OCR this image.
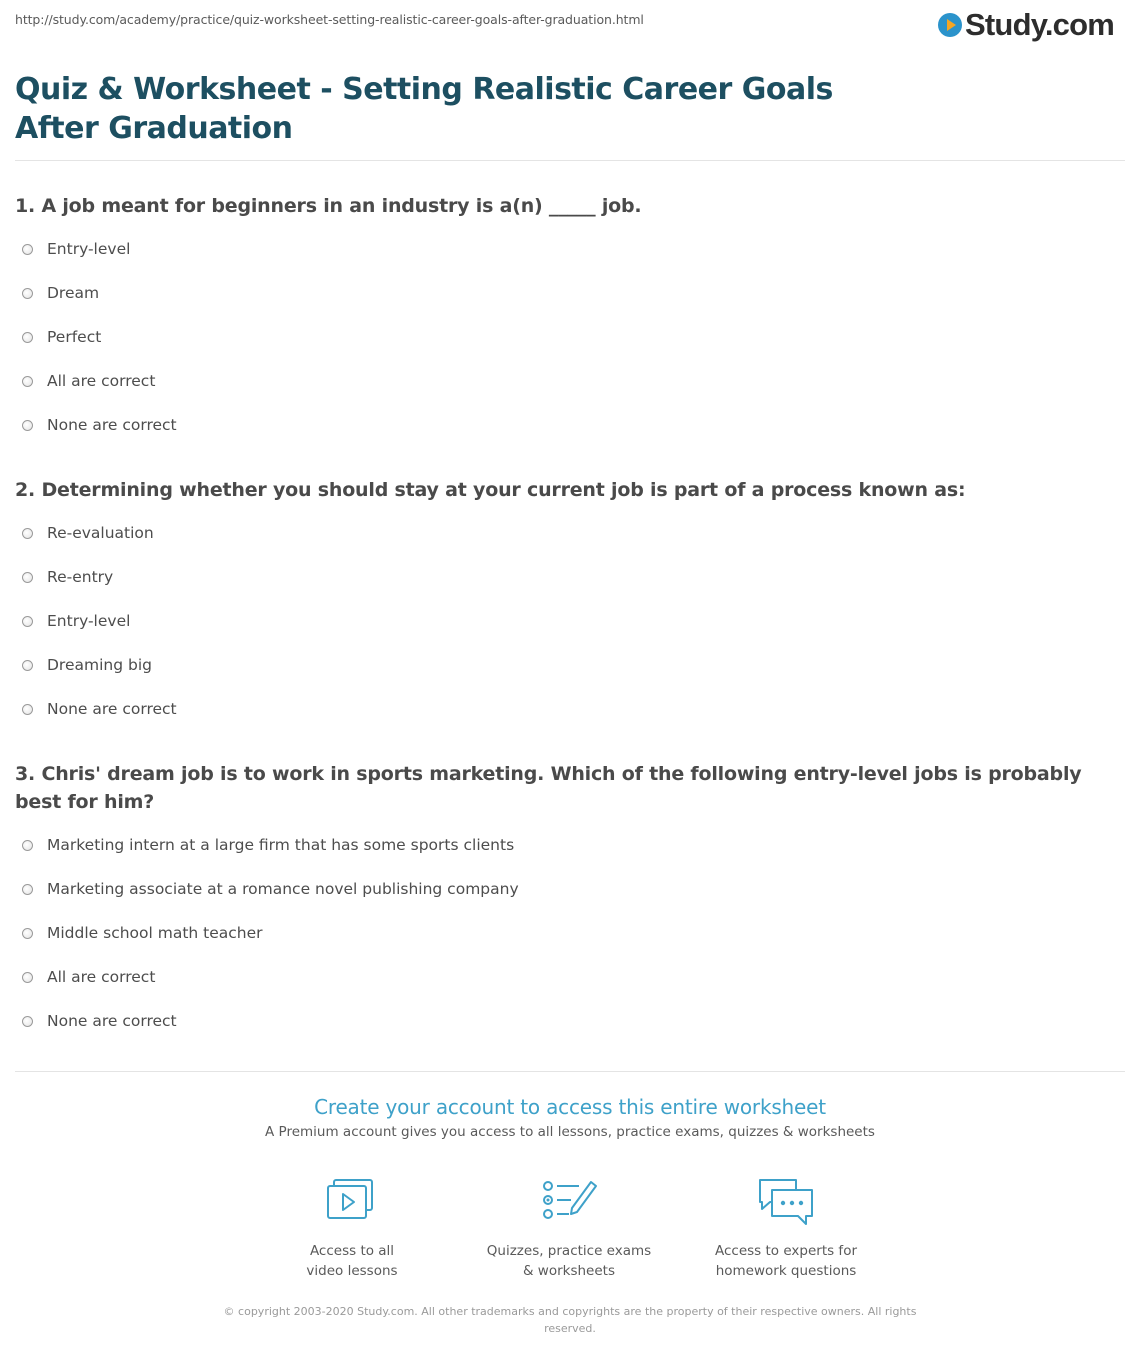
http://study.com/academy/practice/quiz-worksheet-setting-realistic-career-goals-after-graduation.html	Study.com
Quiz & Worksheet - Setting Realistic Career Goals After Graduation
1. A job meant for beginners in an industry is a(n) _____ job.
Entry-level
Dream
Perfect
All are correct
None are correct
2. Determining whether you should stay at your current job is part of a process known as:
Re-evaluation
Re-entry
Entry-level
Dreaming big
None are correct
3. Chris' dream job is to work in sports marketing. Which of the following entry-level jobs is probably best for him?
Marketing intern at a large firm that has some sports clients
Marketing associate at a romance novel publishing company
Middle school math teacher
All are correct
None are correct
Create your account to access this entire worksheet
A Premium account gives you access to all lessons, practice exams, quizzes & worksheets
Access to all
video lessons
Quizzes, practice exams
& worksheets
Access to experts for
homework questions
© copyright 2003-2020 Study.com. All other trademarks and copyrights are the property of their respective owners. All rights reserved.
